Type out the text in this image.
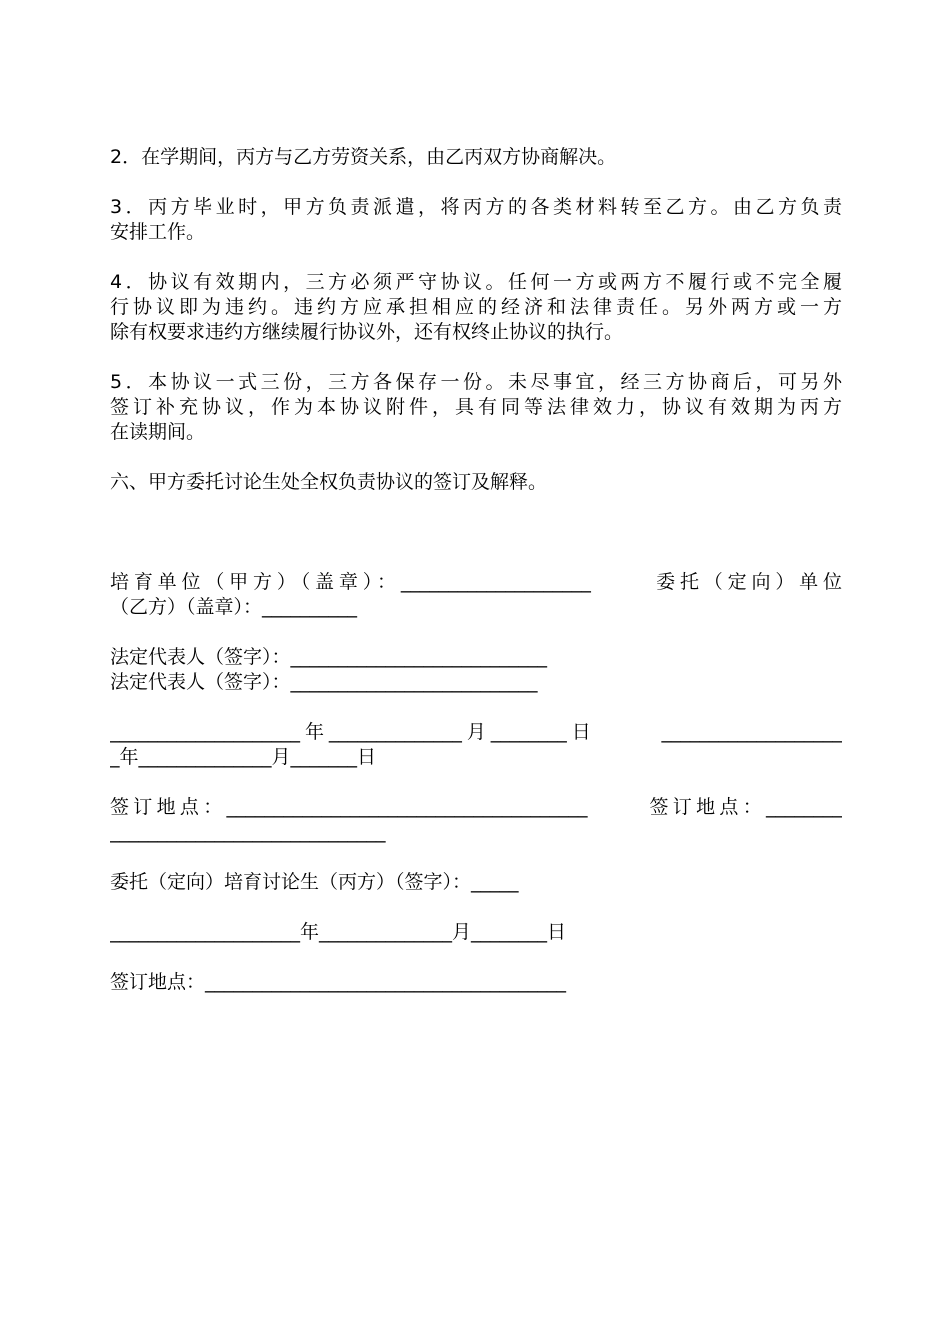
2．在学期间，丙方与乙方劳资关系，由乙丙双方协商解决。
3．丙方毕业时，甲方负责派遣，将丙方的各类材料转至乙方。由乙方负责
安排工作。
4．协议有效期内，三方必须严守协议。任何一方或两方不履行或不完全履
行协议即为违约。违约方应承担相应的经济和法律责任。另外两方或一方
除有权要求违约方继续履行协议外，还有权终止协议的执行。
5．本协议一式三份，三方各保存一份。未尽事宜，经三方协商后，可另外
签订补充协议，作为本协议附件，具有同等法律效力，协议有效期为丙方
在读期间。
六、甲方委托讨论生处全权负责协议的签订及解释。
培育单位（甲方）（盖章）：____________________      委托（定向）单位
（乙方）（盖章）：__________
法定代表人（签字）：___________________________
法定代表人（签字）：__________________________
____________________年______________月________日      ___________________
_年______________月_______日
签订地点：______________________________________      签订地点：________
_____________________________
委托（定向）培育讨论生（丙方）（签字）：_____
____________________年______________月________日
签订地点：______________________________________
